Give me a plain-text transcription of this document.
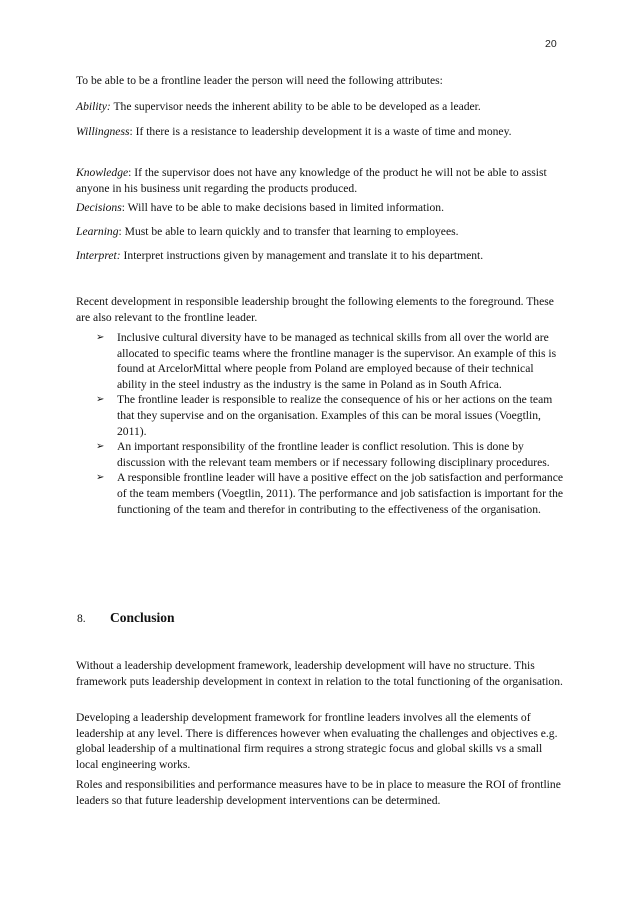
20

To be able to be a frontline leader the person will need the following attributes:

Ability: The supervisor needs the inherent ability to be able to be developed as a leader.

Willingness: If there is a resistance to leadership development it is a waste of time and money.

Knowledge: If the supervisor does not have any knowledge of the product he will not be able to assist anyone in his business unit regarding the products produced.

Decisions: Will have to be able to make decisions based in limited information.

Learning: Must be able to learn quickly and to transfer that learning to employees.

Interpret: Interpret instructions given by management and translate it to his department.

Recent development in responsible leadership brought the following elements to the foreground. These are also relevant to the frontline leader.

➢ Inclusive cultural diversity have to be managed as technical skills from all over the world are allocated to specific teams where the frontline manager is the supervisor. An example of this is found at ArcelorMittal where people from Poland are employed because of their technical ability in the steel industry as the industry is the same in Poland as in South Africa.
➢ The frontline leader is responsible to realize the consequence of his or her actions on the team that they supervise and on the organisation. Examples of this can be moral issues (Voegtlin, 2011).
➢ An important responsibility of the frontline leader is conflict resolution. This is done by discussion with the relevant team members or if necessary following disciplinary procedures.
➢ A responsible frontline leader will have a positive effect on the job satisfaction and performance of the team members (Voegtlin, 2011). The performance and job satisfaction is important for the functioning of the team and therefor in contributing to the effectiveness of the organisation.
8. Conclusion

Without a leadership development framework, leadership development will have no structure. This framework puts leadership development in context in relation to the total functioning of the organisation.

Developing a leadership development framework for frontline leaders involves all the elements of leadership at any level. There is differences however when evaluating the challenges and objectives e.g. global leadership of a multinational firm requires a strong strategic focus and global skills vs a small local engineering works.

Roles and responsibilities and performance measures have to be in place to measure the ROI of frontline leaders so that future leadership development interventions can be determined.
